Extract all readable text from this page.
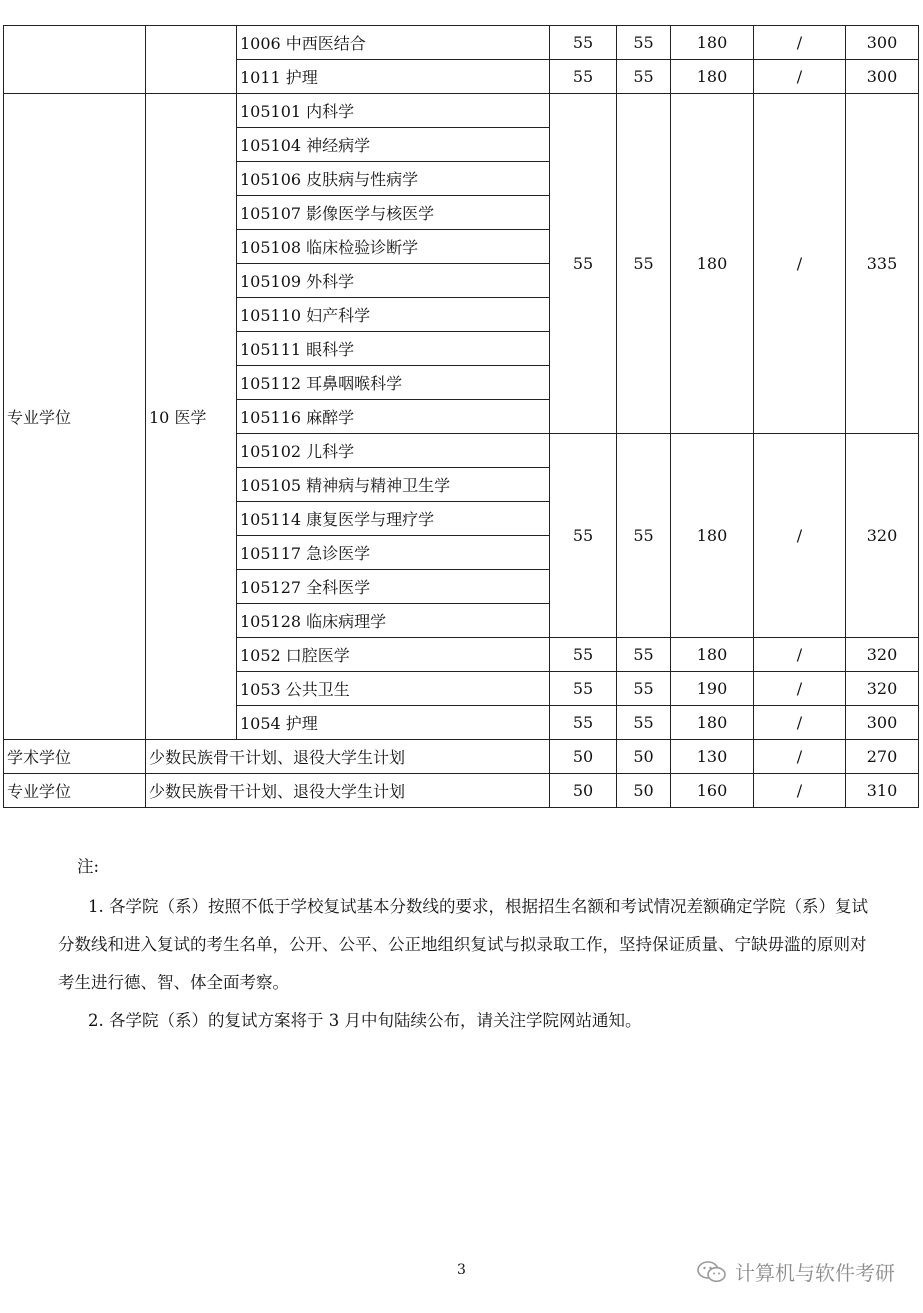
		1006 中西医结合	55	55	180	/	300
		1011 护理	55	55	180	/	300
专业学位	10 医学	105101 内科学	55	55	180	/	335
		105104 神经病学					
		105106 皮肤病与性病学					
		105107 影像医学与核医学					
		105108 临床检验诊断学					
		105109 外科学					
		105110 妇产科学					
		105111 眼科学					
		105112 耳鼻咽喉科学					
		105116 麻醉学					
		105102 儿科学	55	55	180	/	320
		105105 精神病与精神卫生学					
		105114 康复医学与理疗学					
		105117 急诊医学					
		105127 全科医学					
		105128 临床病理学					
		1052 口腔医学	55	55	180	/	320
		1053 公共卫生	55	55	190	/	320
		1054 护理	55	55	180	/	300
学术学位	少数民族骨干计划、退役大学生计划		50	50	130	/	270
专业学位	少数民族骨干计划、退役大学生计划		50	50	160	/	310

注:

1. 各学院（系）按照不低于学校复试基本分数线的要求，根据招生名额和考试情况差额确定学院（系）复试分数线和进入复试的考生名单，公开、公平、公正地组织复试与拟录取工作，坚持保证质量、宁缺毋滥的原则对考生进行德、智、体全面考察。

2. 各学院（系）的复试方案将于 3 月中旬陆续公布，请关注学院网站通知。

3	计算机与软件考研
